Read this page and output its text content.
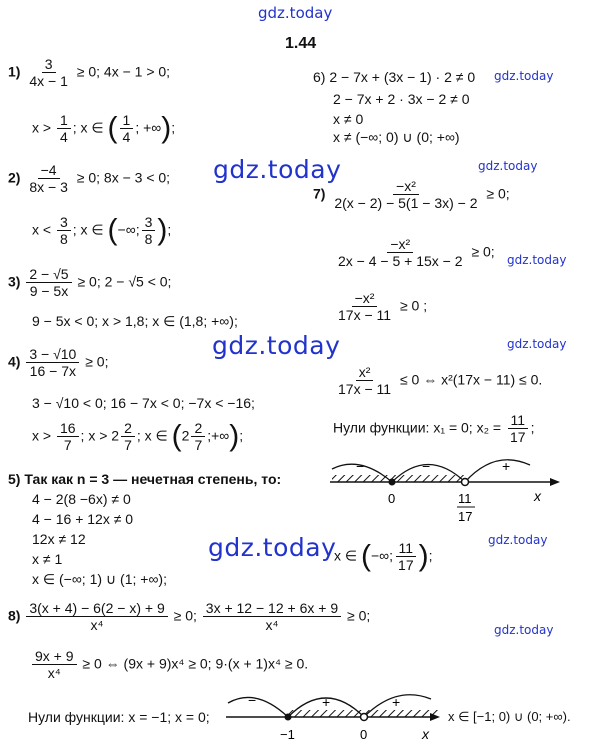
gdz.today
gdz.today
gdz.today
gdz.today
gdz.today
gdz.today
gdz.today
gdz.today
gdz.today
gdz.today
1.44
$1) \frac{3}{4x - 1} \ge 0$; 4x − 1 > 0;
$x > \frac{1}{4}$ ; x ∈ ( $\frac{1}{4}$ ; +∞);
$2) \frac{-4}{8x - 3} \ge 0$; 8x − 3 < 0;
$x < \frac{3}{8}$ ; x ∈ (−∞; $\frac{3}{8}$ );
$3) \frac{2 - √5}{9 - 5x} \ge 0$; 2 − √5 < 0;
9 − 5x < 0; x > 1,8; x ∈ (1,8; +∞);
$4) \frac{3 - √10}{16 - 7x} \ge 0$;
3 − √10 < 0; 16 − 7x < 0; −7x < −16;
$x > \frac{16}{7}$ ; $x > 2 \frac{2}{7}$ ; x ∈ ($2 \frac{2}{7}$ ;+∞);
5) Так как n = 3 — нечетная степень, то:
4 − 2(8 −6x) ≠ 0
4 − 16 + 12x ≠ 0
12x ≠ 12
x ≠ 1
x ∈ (−∞; 1) ∪ (1; +∞);
6) 2 − 7x + (3x − 1) · 2 ≠ 0
2 − 7x + 2 · 3x − 2 ≠ 0
x ≠ 0
x ≠ (−∞; 0) ∪ (0; +∞)
$7) \frac{\text{−x²}}{2(x - 2) - 5(1 - 3x) - 2} \ge 0$;
$\frac{\text{−x²}}{2x - 4 - 5 + 15x - 2} \ge 0$;
$\frac{\text{−x²}}{17x - 11} \ge 0$ ;
$\frac{\text{x²}}{17x - 11} \le 0$ ⇔ x²(17x − 11) ≤ 0.
Нули функции: x₁ = 0; $x_2 = \frac{11}{17}$ ;
−	−	+
0	11
17
x
x ∈ (−∞; $\frac{11}{17}$ );
$8) \frac{3(x + 4) - 6(2 - x) + 9}{\text{x⁴}} \ge 0$; $\frac{3x + 12 - 12 + 6x + 9}{\text{x⁴}} \ge 0$;
$\frac{9x + 9}{\text{x⁴}} \ge 0$ ⇔ (9x + 9)x⁴ ≥ 0; 9·(x + 1)x⁴ ≥ 0.
Нули функции: x = −1; x = 0;
−	+	+
−1	0	x
x ∈ [−1; 0) ∪ (0; +∞).
